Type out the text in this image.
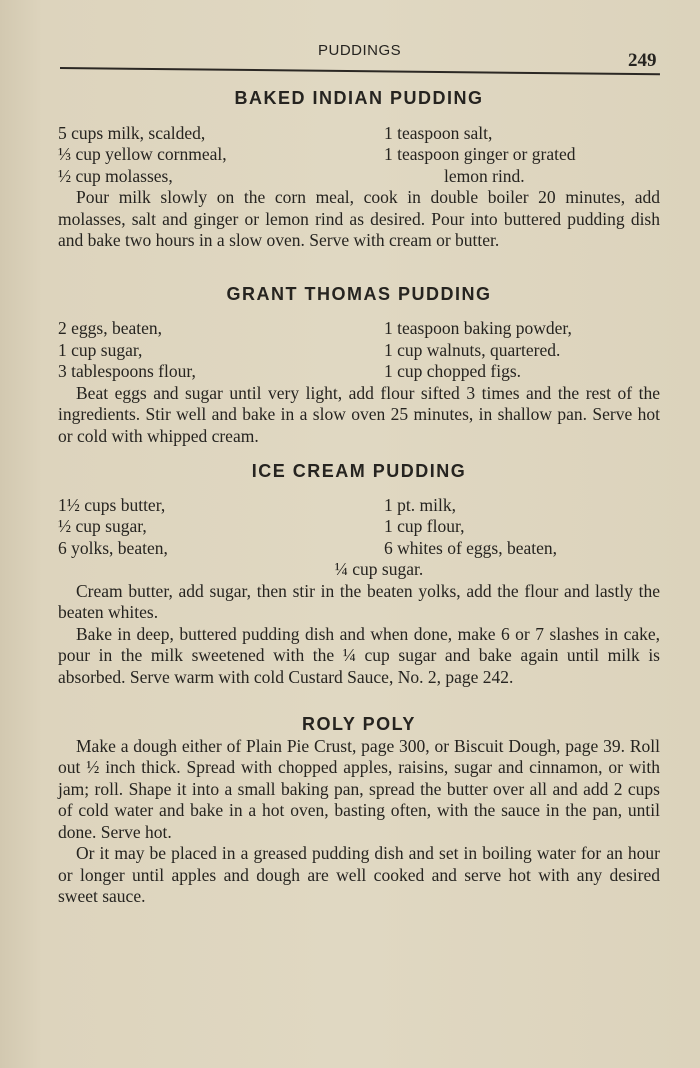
PUDDINGS	249
BAKED INDIAN PUDDING
5 cups milk, scalded,
⅓ cup yellow cornmeal,
½ cup molasses,
1 teaspoon salt,
1 teaspoon ginger or grated
lemon rind.

Pour milk slowly on the corn meal, cook in double boiler 20 minutes, add molasses, salt and ginger or lemon rind as desired. Pour into buttered pudding dish and bake two hours in a slow oven. Serve with cream or butter.

GRANT THOMAS PUDDING
2 eggs, beaten,
1 cup sugar,
3 tablespoons flour,
1 teaspoon baking powder,
1 cup walnuts, quartered.
1 cup chopped figs.

Beat eggs and sugar until very light, add flour sifted 3 times and the rest of the ingredients. Stir well and bake in a slow oven 25 minutes, in shallow pan. Serve hot or cold with whipped cream.

ICE CREAM PUDDING
1½ cups butter,
½ cup sugar,
6 yolks, beaten,
1 pt. milk,
1 cup flour,
6 whites of eggs, beaten,
¼ cup sugar.

Cream butter, add sugar, then stir in the beaten yolks, add the flour and lastly the beaten whites.

Bake in deep, buttered pudding dish and when done, make 6 or 7 slashes in cake, pour in the milk sweetened with the ¼ cup sugar and bake again until milk is absorbed. Serve warm with cold Custard Sauce, No. 2, page 242.

ROLY POLY

Make a dough either of Plain Pie Crust, page 300, or Biscuit Dough, page 39. Roll out ½ inch thick. Spread with chopped apples, raisins, sugar and cinnamon, or with jam; roll. Shape it into a small baking pan, spread the butter over all and add 2 cups of cold water and bake in a hot oven, basting often, with the sauce in the pan, until done. Serve hot.

Or it may be placed in a greased pudding dish and set in boiling water for an hour or longer until apples and dough are well cooked and serve hot with any desired sweet sauce.
